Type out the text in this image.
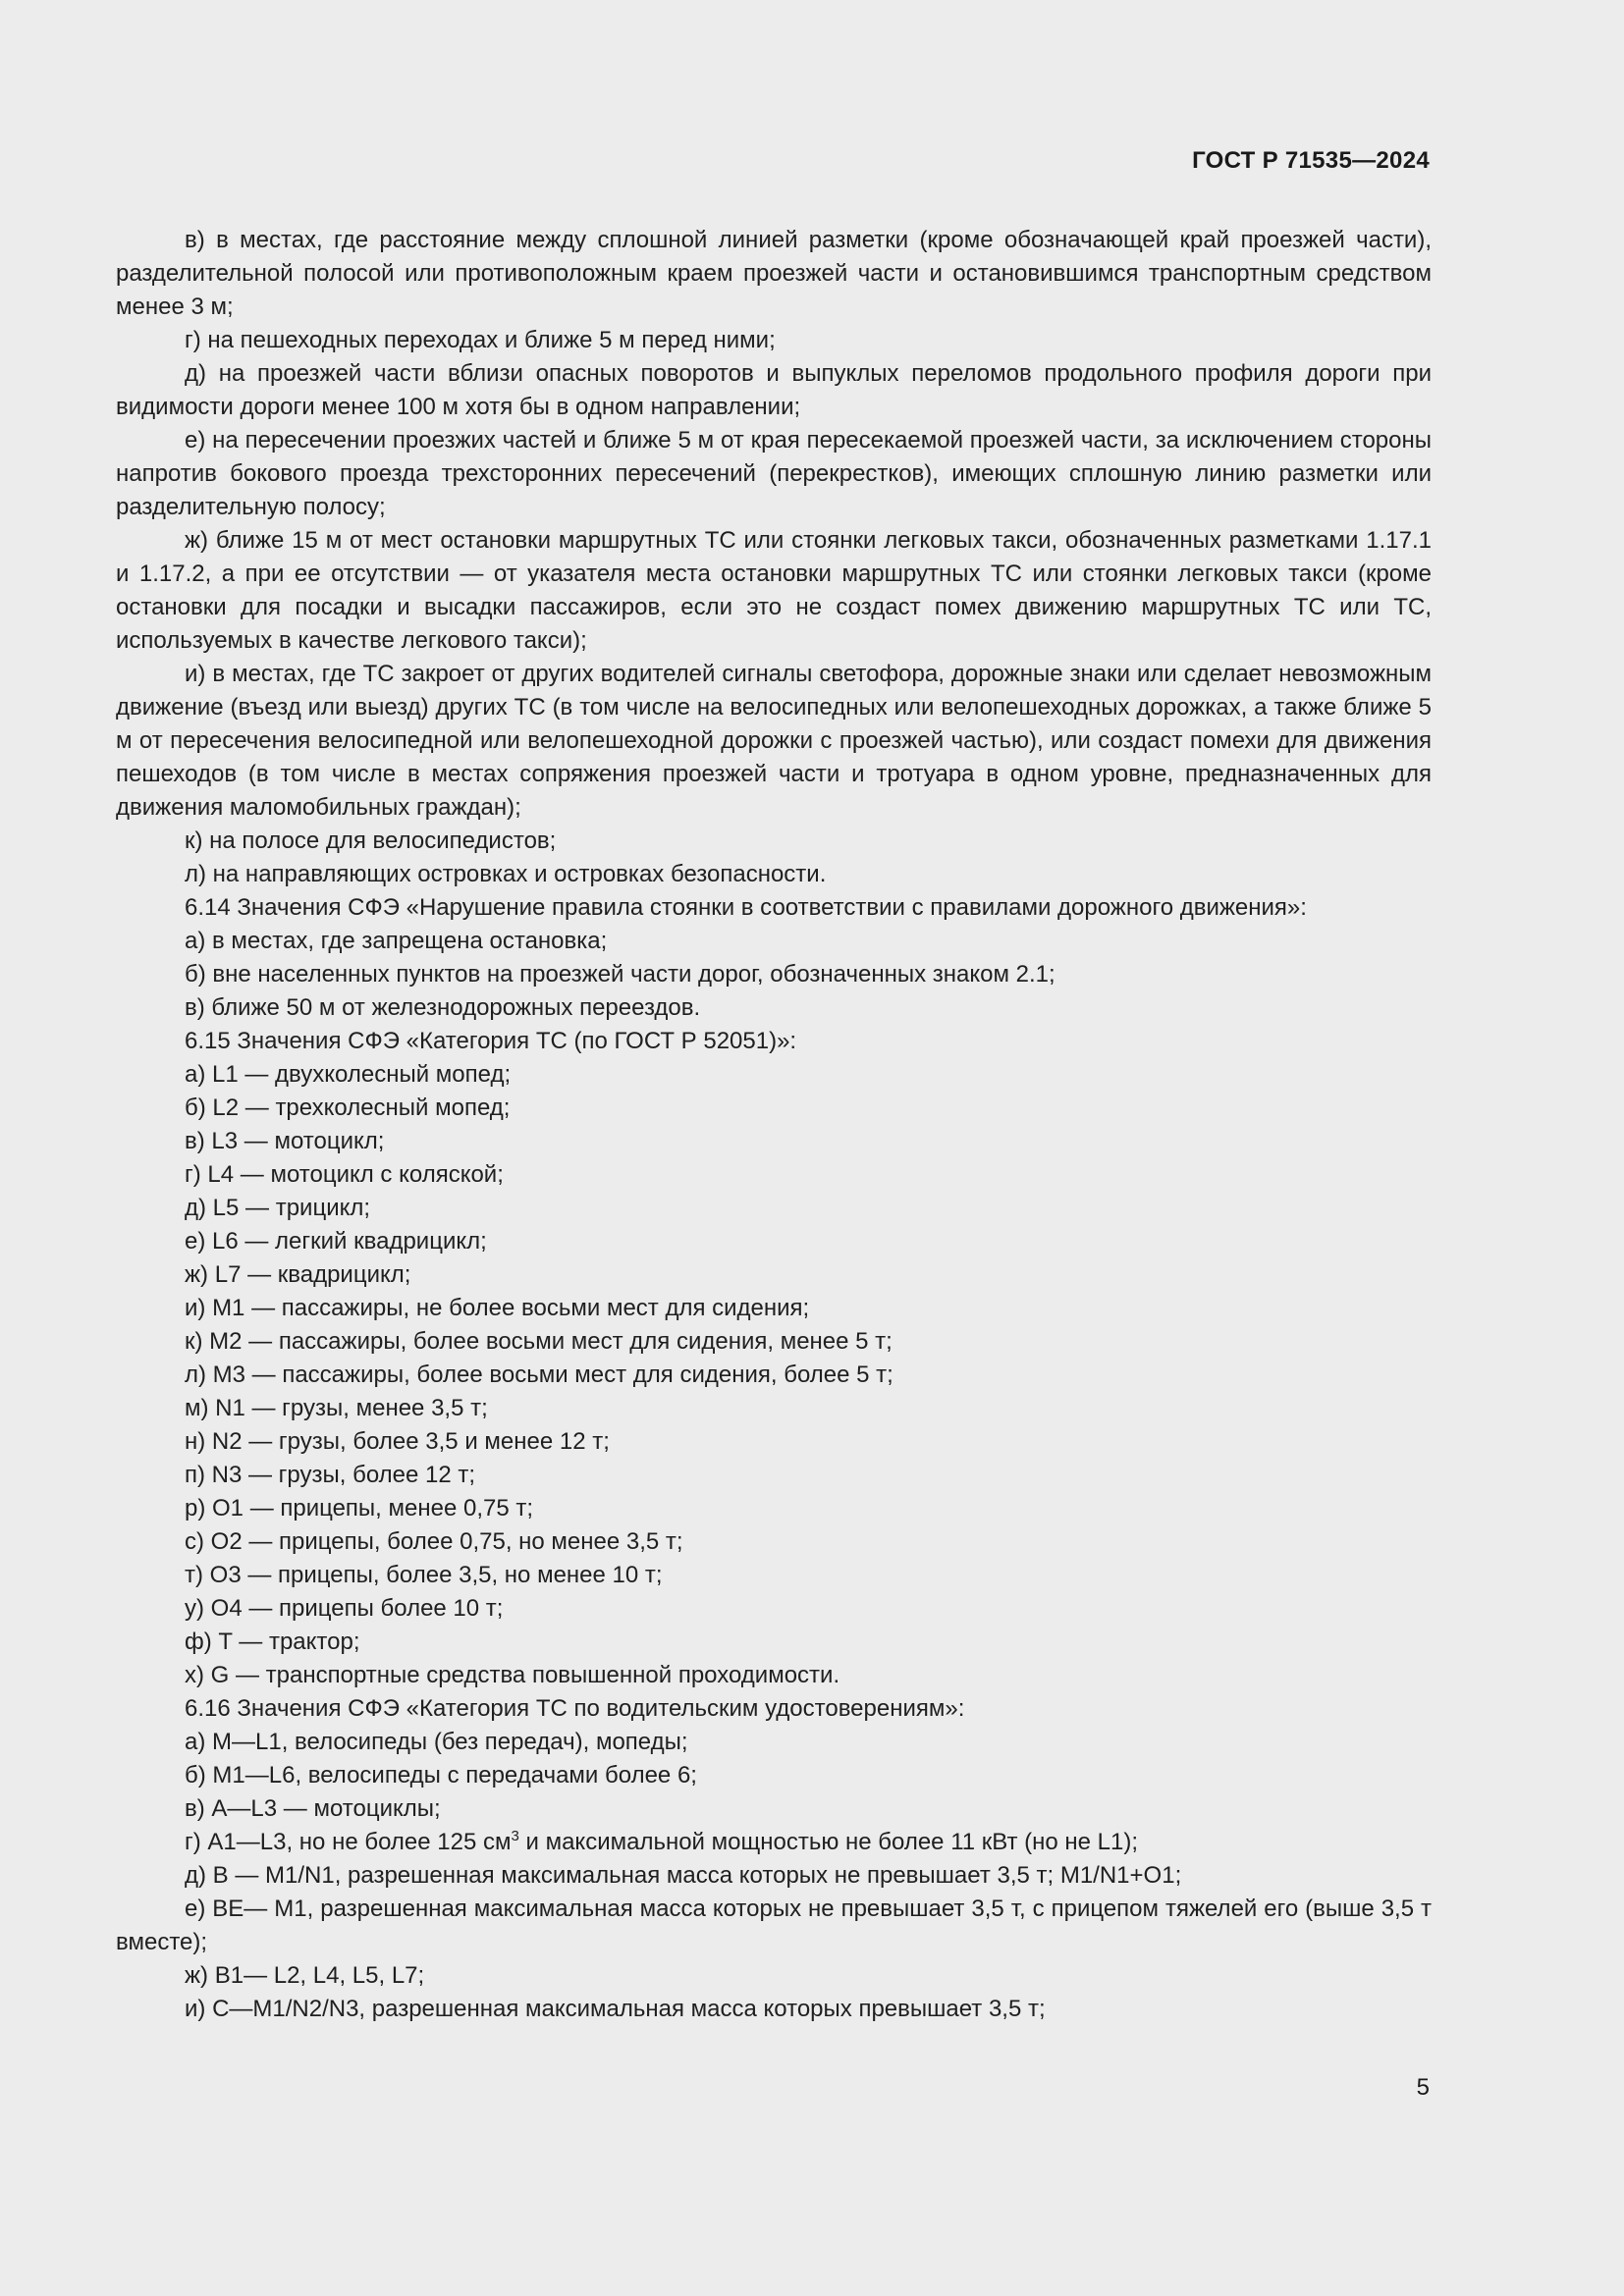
ГОСТ Р 71535—2024

в) в местах, где расстояние между сплошной линией разметки (кроме обозначающей край проезжей части), разделительной полосой или противоположным краем проезжей части и остановившимся транспортным средством менее 3 м;

г) на пешеходных переходах и ближе 5 м перед ними;

д) на проезжей части вблизи опасных поворотов и выпуклых переломов продольного профиля дороги при видимости дороги менее 100 м хотя бы в одном направлении;

е) на пересечении проезжих частей и ближе 5 м от края пересекаемой проезжей части, за исключением стороны напротив бокового проезда трехсторонних пересечений (перекрестков), имеющих сплошную линию разметки или разделительную полосу;

ж) ближе 15 м от мест остановки маршрутных ТС или стоянки легковых такси, обозначенных разметками 1.17.1 и 1.17.2, а при ее отсутствии — от указателя места остановки маршрутных ТС или стоянки легковых такси (кроме остановки для посадки и высадки пассажиров, если это не создаст помех движению маршрутных ТС или ТС, используемых в качестве легкового такси);

и) в местах, где ТС закроет от других водителей сигналы светофора, дорожные знаки или сделает невозможным движение (въезд или выезд) других ТС (в том числе на велосипедных или велопешеходных дорожках, а также ближе 5 м от пересечения велосипедной или велопешеходной дорожки с проезжей частью), или создаст помехи для движения пешеходов (в том числе в местах сопряжения проезжей части и тротуара в одном уровне, предназначенных для движения маломобильных граждан);

к) на полосе для велосипедистов;

л) на направляющих островках и островках безопасности.

6.14 Значения СФЭ «Нарушение правила стоянки в соответствии с правилами дорожного движения»:

а) в местах, где запрещена остановка;

б) вне населенных пунктов на проезжей части дорог, обозначенных знаком 2.1;

в) ближе 50 м от железнодорожных переездов.

6.15 Значения СФЭ «Категория ТС (по ГОСТ Р 52051)»:

а) L1 — двухколесный мопед;

б) L2 — трехколесный мопед;

в) L3 — мотоцикл;

г) L4 — мотоцикл с коляской;

д) L5 — трицикл;

е) L6 — легкий квадрицикл;

ж) L7 — квадрицикл;

и) M1 — пассажиры, не более восьми мест для сидения;

к) M2 — пассажиры, более восьми мест для сидения, менее 5 т;

л) M3 — пассажиры, более восьми мест для сидения, более 5 т;

м) N1 — грузы, менее 3,5 т;

н) N2 — грузы, более 3,5 и менее 12 т;

п) N3 — грузы, более 12 т;

р) O1 — прицепы, менее 0,75 т;

с) O2 — прицепы, более 0,75, но менее 3,5 т;

т) O3 — прицепы, более 3,5, но менее 10 т;

у) O4 — прицепы более 10 т;

ф) T — трактор;

х) G — транспортные средства повышенной проходимости.

6.16 Значения СФЭ «Категория ТС по водительским удостоверениям»:

а) M—L1, велосипеды (без передач), мопеды;

б) M1—L6, велосипеды с передачами более 6;

в) A—L3 — мотоциклы;

г) A1—L3, но не более 125 $см^3$ и максимальной мощностью не более 11 кВт (но не L1);

д) B — M1/N1, разрешенная максимальная масса которых не превышает 3,5 т; M1/N1+O1;

е) BE— M1, разрешенная максимальная масса которых не превышает 3,5 т, с прицепом тяжелей его (выше 3,5 т вместе);

ж) B1— L2, L4, L5, L7;

и) C—M1/N2/N3, разрешенная максимальная масса которых превышает 3,5 т;

5
